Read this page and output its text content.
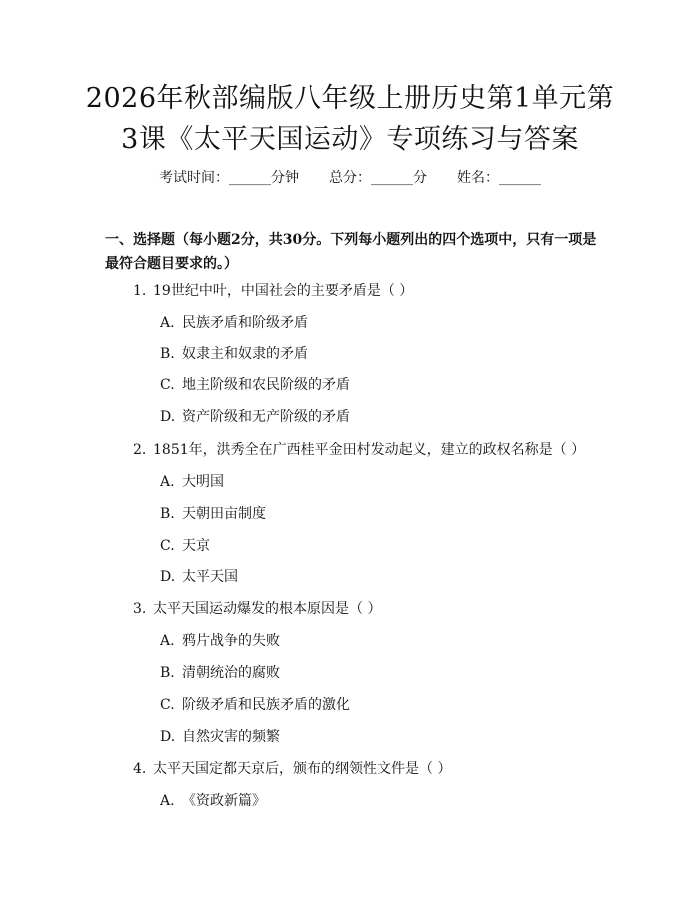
2026年秋部编版八年级上册历史第1单元第
3课《太平天国运动》专项练习与答案
考试时间：______分钟 总分：______分 姓名：______
一、选择题（每小题2分，共30分。下列每小题列出的四个选项中，只有一项是
最符合题目要求的。）
1. 19世纪中叶，中国社会的主要矛盾是（ ）
A. 民族矛盾和阶级矛盾
B. 奴隶主和奴隶的矛盾
C. 地主阶级和农民阶级的矛盾
D. 资产阶级和无产阶级的矛盾
2. 1851年，洪秀全在广西桂平金田村发动起义，建立的政权名称是（ ）
A. 大明国
B. 天朝田亩制度
C. 天京
D. 太平天国
3. 太平天国运动爆发的根本原因是（ ）
A. 鸦片战争的失败
B. 清朝统治的腐败
C. 阶级矛盾和民族矛盾的激化
D. 自然灾害的频繁
4. 太平天国定都天京后，颁布的纲领性文件是（ ）
A. 《资政新篇》
